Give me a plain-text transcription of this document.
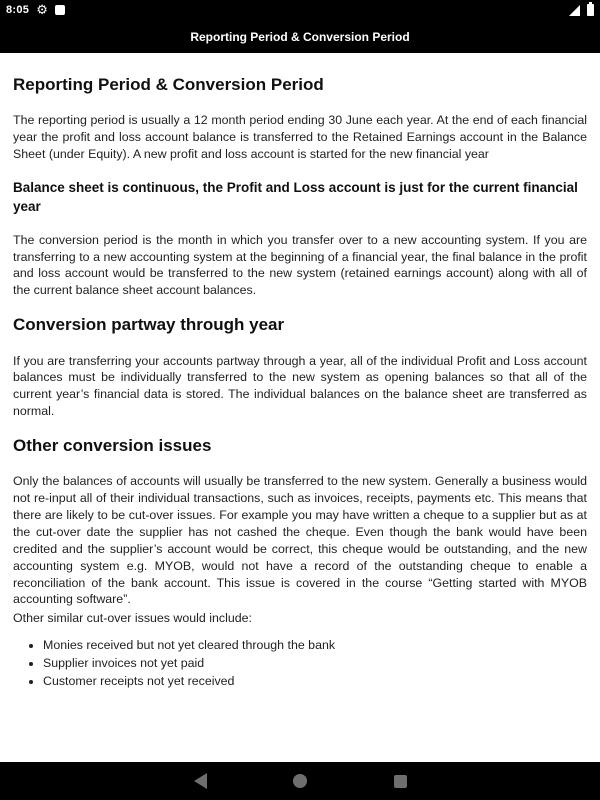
8:05 ⚙
Reporting Period & Conversion Period
Reporting Period & Conversion Period

The reporting period is usually a 12 month period ending 30 June each year. At the end of each financial year the profit and loss account balance is transferred to the Retained Earnings account in the Balance Sheet (under Equity). A new profit and loss account is started for the new financial year

Balance sheet is continuous, the Profit and Loss account is just for the current financial year

The conversion period is the month in which you transfer over to a new accounting system. If you are transferring to a new accounting system at the beginning of a financial year, the final balance in the profit and loss account would be transferred to the new system (retained earnings account) along with all of the current balance sheet account balances.

Conversion partway through year

If you are transferring your accounts partway through a year, all of the individual Profit and Loss account balances must be individually transferred to the new system as opening balances so that all of the current year’s financial data is stored. The individual balances on the balance sheet are transferred as normal.

Other conversion issues

Only the balances of accounts will usually be transferred to the new system. Generally a business would not re-input all of their individual transactions, such as invoices, receipts, payments etc. This means that there are likely to be cut-over issues. For example you may have written a cheque to a supplier but as at the cut-over date the supplier has not cashed the cheque. Even though the bank would have been credited and the supplier’s account would be correct, this cheque would be outstanding, and the new accounting system e.g. MYOB, would not have a record of the outstanding cheque to enable a reconciliation of the bank account. This issue is covered in the course “Getting started with MYOB accounting software”.

Other similar cut-over issues would include:

• Monies received but not yet cleared through the bank
• Supplier invoices not yet paid
• Customer receipts not yet received
